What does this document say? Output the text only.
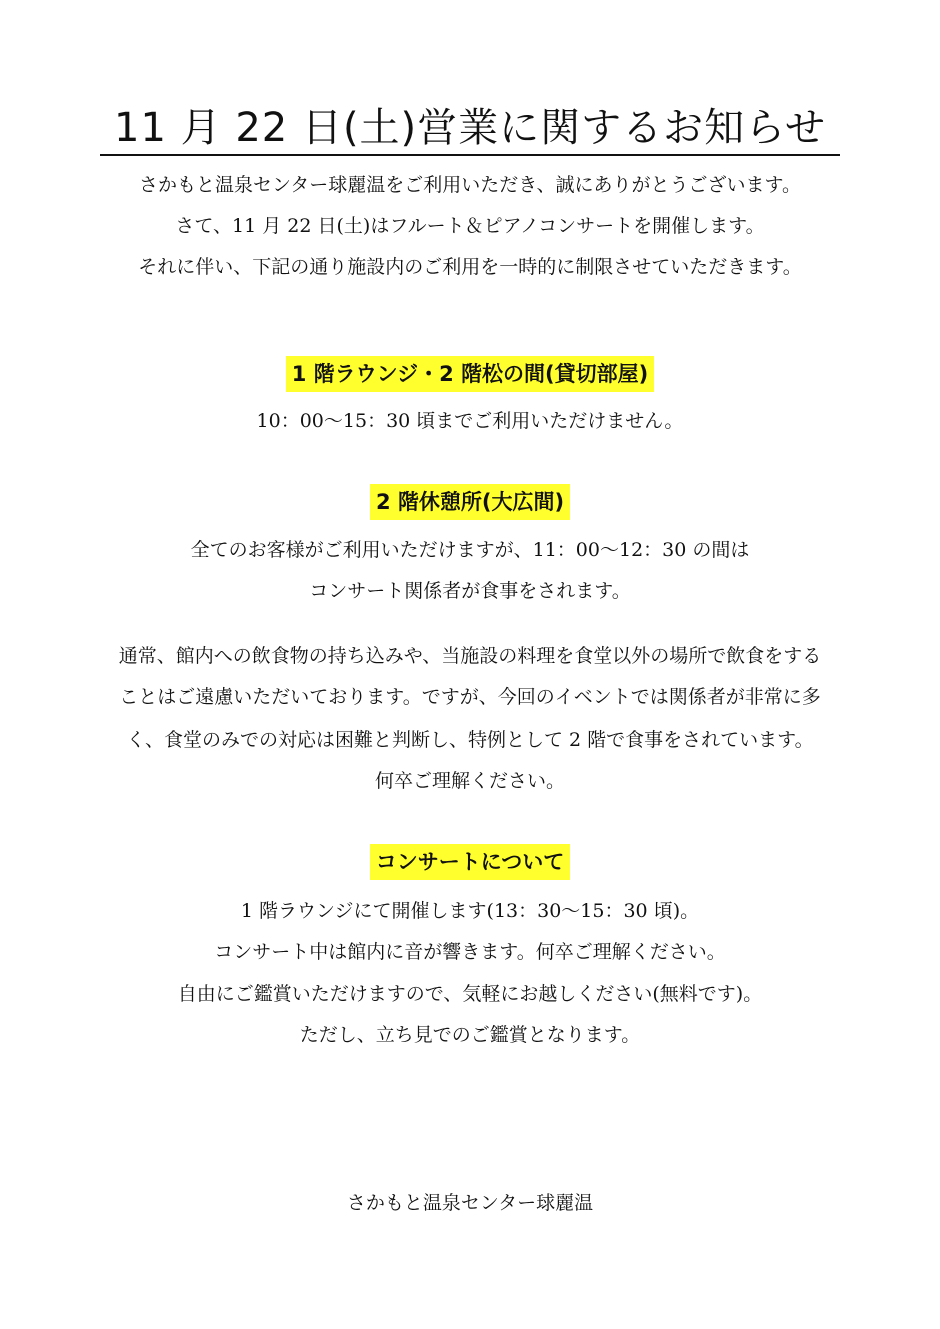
11 月 22 日(土)営業に関するお知らせ
さかもと温泉センター球麗温をご利用いただき、誠にありがとうございます。
さて、11 月 22 日(土)はフルート＆ピアノコンサートを開催します。
それに伴い、下記の通り施設内のご利用を一時的に制限させていただきます。
1 階ラウンジ・2 階松の間(貸切部屋)
10：00～15：30 頃までご利用いただけません。
2 階休憩所(大広間)
全てのお客様がご利用いただけますが、11：00～12：30 の間は
コンサート関係者が食事をされます。
通常、館内への飲食物の持ち込みや、当施設の料理を食堂以外の場所で飲食をする
ことはご遠慮いただいております。ですが、今回のイベントでは関係者が非常に多
く、食堂のみでの対応は困難と判断し、特例として 2 階で食事をされています。
何卒ご理解ください。
コンサートについて
1 階ラウンジにて開催します(13：30～15：30 頃)。
コンサート中は館内に音が響きます。何卒ご理解ください。
自由にご鑑賞いただけますので、気軽にお越しください(無料です)。
ただし、立ち見でのご鑑賞となります。
さかもと温泉センター球麗温
